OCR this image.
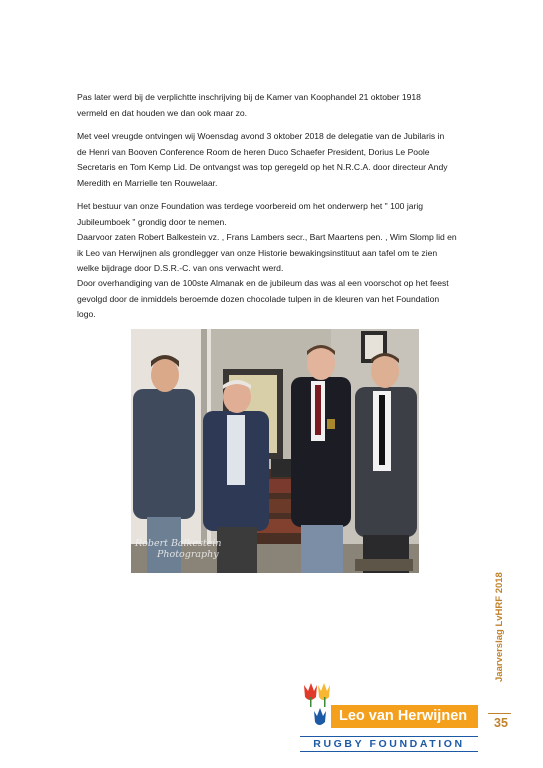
Pas later werd bij de verplichtte inschrijving bij de Kamer van Koophandel 21 oktober 1918
vermeld en dat houden we dan ook maar zo.
Met veel vreugde ontvingen wij Woensdag avond 3 oktober 2018 de delegatie van de Jubilaris in
de Henri van Booven Conference Room de heren Duco Schaefer President, Dorius Le Poole
Secretaris en Tom Kemp Lid. De ontvangst was top geregeld op het N.R.C.A. door directeur Andy
Meredith en Marrielle ten Rouwelaar.
Het bestuur van onze Foundation was terdege voorbereid om het onderwerp het " 100 jarig
Jubileumboek " grondig door te nemen.
Daarvoor zaten Robert Balkestein vz. , Frans Lambers secr., Bart Maartens pen. , Wim Slomp lid en
ik Leo van Herwijnen als grondlegger van onze Historie bewakingsinstituut aan tafel om te zien
welke bijdrage door D.S.R.-C. van ons verwacht werd.
Door overhandiging van de 100ste Almanak en de jubileum das was al een voorschot op het feest
gevolgd door de inmiddels beroemde dozen chocolade tulpen in de kleuren van het Foundation
logo.
Robert Balkestein
Photography
Leo van Herwijnen
RUGBY FOUNDATION
Jaarverslag LvHRF 2018
35
